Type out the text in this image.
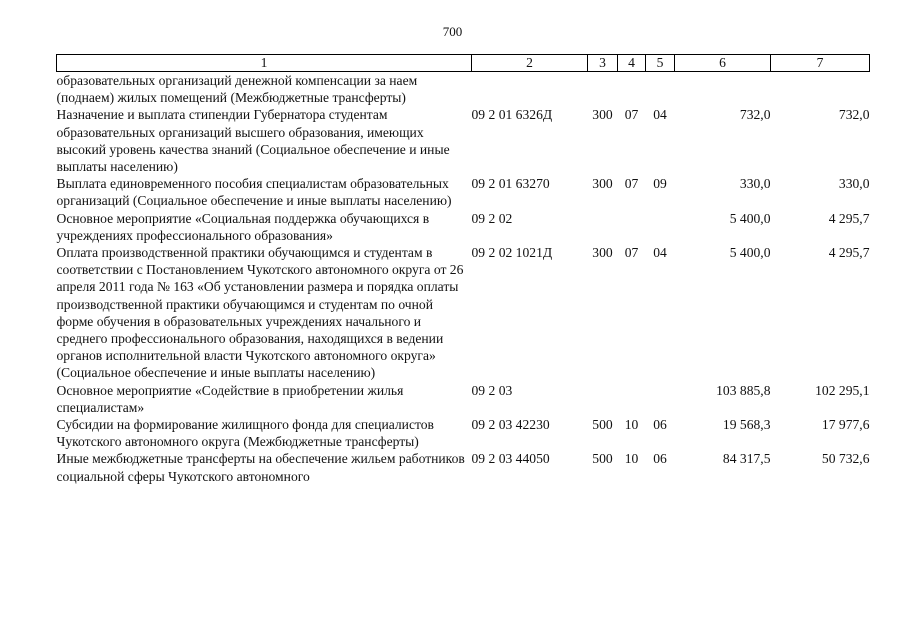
700
1	2	3	4	5	6	7
образовательных организаций денежной компенсации за наем (поднаем) жилых помещений (Межбюджетные трансферты)						
Назначение и выплата стипендии Губернатора студентам образовательных организаций высшего образования, имеющих высокий уровень качества знаний (Социальное обеспечение и иные выплаты населению)	09 2 01 6326Д	300	07	04	732,0	732,0
Выплата единовременного пособия специалистам образовательных организаций (Социальное обеспечение и иные выплаты населению)	09 2 01 63270	300	07	09	330,0	330,0
Основное мероприятие «Социальная поддержка обучающихся в учреждениях профессионального образования»	09 2 02				5 400,0	4 295,7
Оплата производственной практики обучающимся и студентам в соответствии с Постановлением Чукотского автономного округа от 26 апреля 2011 года № 163 «Об установлении размера и порядка оплаты производственной практики обучающимся и студентам по очной форме обучения в образовательных учреждениях начального и среднего профессионального образования, находящихся в ведении органов исполнительной власти Чукотского автономного округа» (Социальное обеспечение и иные выплаты населению)	09 2 02 1021Д	300	07	04	5 400,0	4 295,7
Основное мероприятие «Содействие в приобретении жилья специалистам»	09 2 03				103 885,8	102 295,1
Субсидии на формирование жилищного фонда для специалистов Чукотского автономного округа (Межбюджетные трансферты)	09 2 03 42230	500	10	06	19 568,3	17 977,6
Иные межбюджетные трансферты на обеспечение жильем работников социальной сферы Чукотского автономного	09 2 03 44050	500	10	06	84 317,5	50 732,6
